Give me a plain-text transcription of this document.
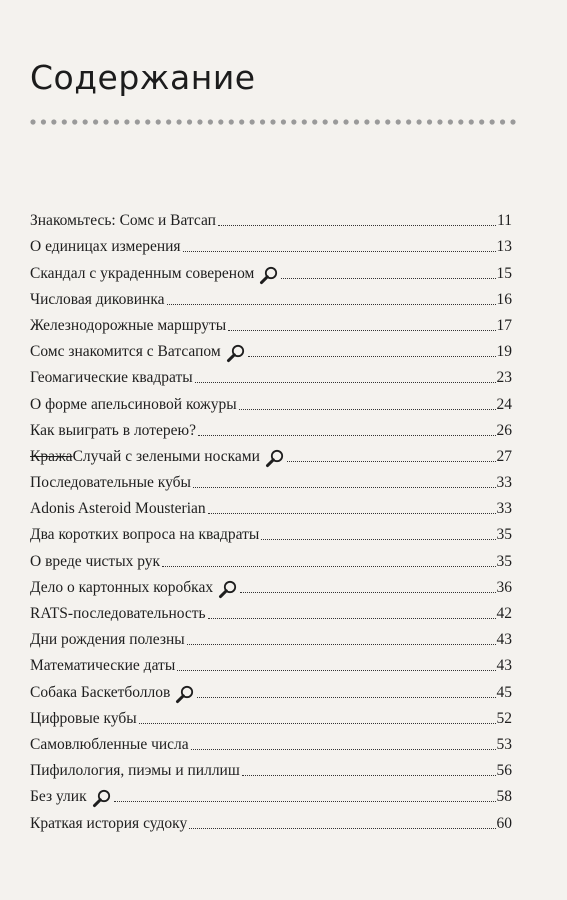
Содержание
Знакомьтесь: Сомс и Ватсап	11
О единицах измерения	13
Скандал с украденным совереном	15
Числовая диковинка	16
Железнодорожные маршруты	17
Сомс знакомится с Ватсапом	19
Геомагические квадраты	23
О форме апельсиновой кожуры	24
Как выиграть в лотерею?	26
КражаСлучай с зелеными носками	27
Последовательные кубы	33
Adonis Asteroid Mousterian	33
Два коротких вопроса на квадраты	35
О вреде чистых рук	35
Дело о картонных коробках	36
RATS-последовательность	42
Дни рождения полезны	43
Математические даты	43
Собака Баскетболлов	45
Цифровые кубы	52
Самовлюбленные числа	53
Пифилология, пиэмы и пиллиш	56
Без улик	58
Краткая история судоку	60
